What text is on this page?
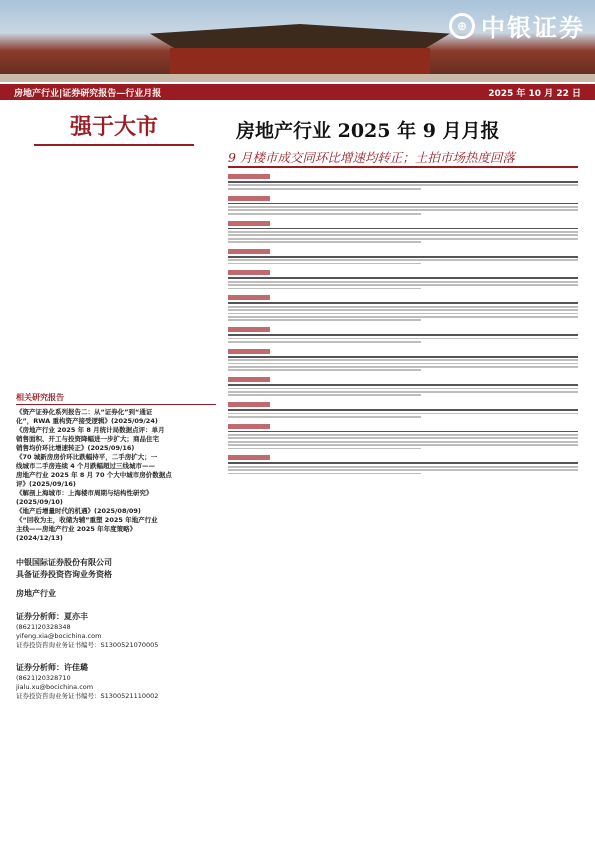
⊕ 中银证券
房地产行业|证券研究报告—行业月报	2025 年 10 月 22 日
强于大市	房地产行业 2025 年 9 月月报
9 月楼市成交同环比增速均转正；土拍市场热度回落
相关研究报告
《资产证券化系列报告二：从“证券化”到“通证
化”，RWA 重构资产接受逻辑》(2025/09/24)
《房地产行业 2025 年 8 月统计局数据点评：单月
销售面积、开工与投资降幅进一步扩大；商品住宅
销售均价环比增速转正》(2025/09/16)
《70 城新房房价环比跌幅持平，二手房扩大；一
线城市二手房连续 4 个月跌幅超过三线城市——
房地产行业 2025 年 8 月 70 个大中城市房价数据点
评》(2025/09/16)
《解剖上海城市：上海楼市周期与结构性研究》
(2025/09/10)
《地产后增量时代的机遇》(2025/08/09)
《“回收为主，收储为辅”重塑 2025 年地产行业
主线——房地产行业 2025 年年度策略》
(2024/12/13)
中银国际证券股份有限公司
具备证券投资咨询业务资格
房地产行业
证券分析师：夏亦丰
(8621)20328348
yifeng.xia@bocichina.com
证券投资咨询业务证书编号：S1300521070005
证券分析师：许佳璐
(8621)20328710
jialu.xu@bocichina.com
证券投资咨询业务证书编号：S1300521110002
